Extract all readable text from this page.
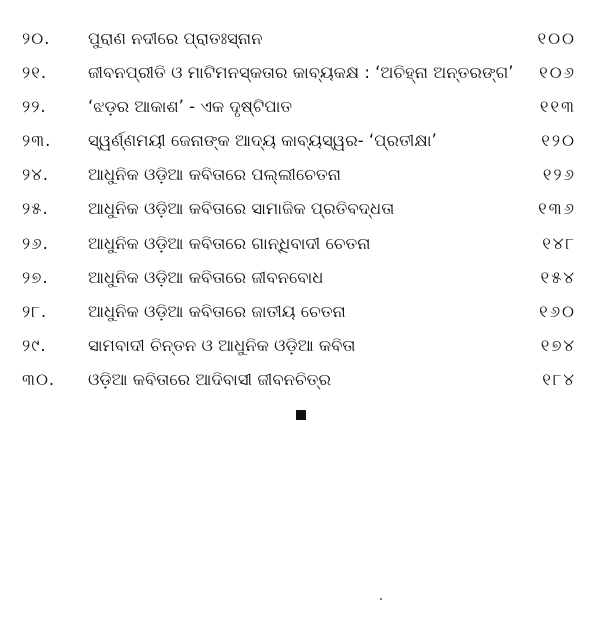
୨୦. ପୁରାଣ ନଦୀରେ ପ୍ରାତଃସ୍ନାନ	୧୦୦
୨୧. ଜୀବନପ୍ରୀତି ଓ ମାଟିମନସ୍କତାର କାବ୍ୟକକ୍ଷ : ‘ଅଚିହ୍ନା ଅନ୍ତରଙ୍ଗ’ ୧୦୬
୨୨.	‘ଝଡ଼ର ଆକାଶ’ - ଏକ ଦୃଷ୍ଟିପାତ	୧୧୩
୨୩. ସ୍ୱର୍ଣ୍ଣମୟୀ ଜେନାଙ୍କ ଆଦ୍ୟ କାବ୍ୟସ୍ୱର- ‘ପ୍ରତୀକ୍ଷା’	୧୨୦
୨୪. ଆଧୁନିକ ଓଡ଼ିଆ କବିତାରେ ପଲ୍ଲୀଚେତନା	୧୨୬
୨୫. ଆଧୁନିକ ଓଡ଼ିଆ କବିତାରେ ସାମାଜିକ ପ୍ରତିବଦ୍ଧତା	୧୩୬
୨୬. ଆଧୁନିକ ଓଡ଼ିଆ କବିତାରେ ଗାନ୍ଧିବାଦୀ ଚେତନା	୧୪୮
୨୭. ଆଧୁନିକ ଓଡ଼ିଆ କବିତାରେ ଜୀବନବୋଧ	୧୫୪
୨୮. ଆଧୁନିକ ଓଡ଼ିଆ କବିତାରେ ଜାତୀୟ ଚେତନା	୧୬୦
୨୯.	ସାମବାଦୀ ଚିନ୍ତନ ଓ ଆଧୁନିକ ଓଡ଼ିଆ କବିତା	୧୭୪
୩୦. ଓଡ଼ିଆ କବିତାରେ ଆଦିବାସୀ ଜୀବନଚିତ୍ର	୧୮୪
